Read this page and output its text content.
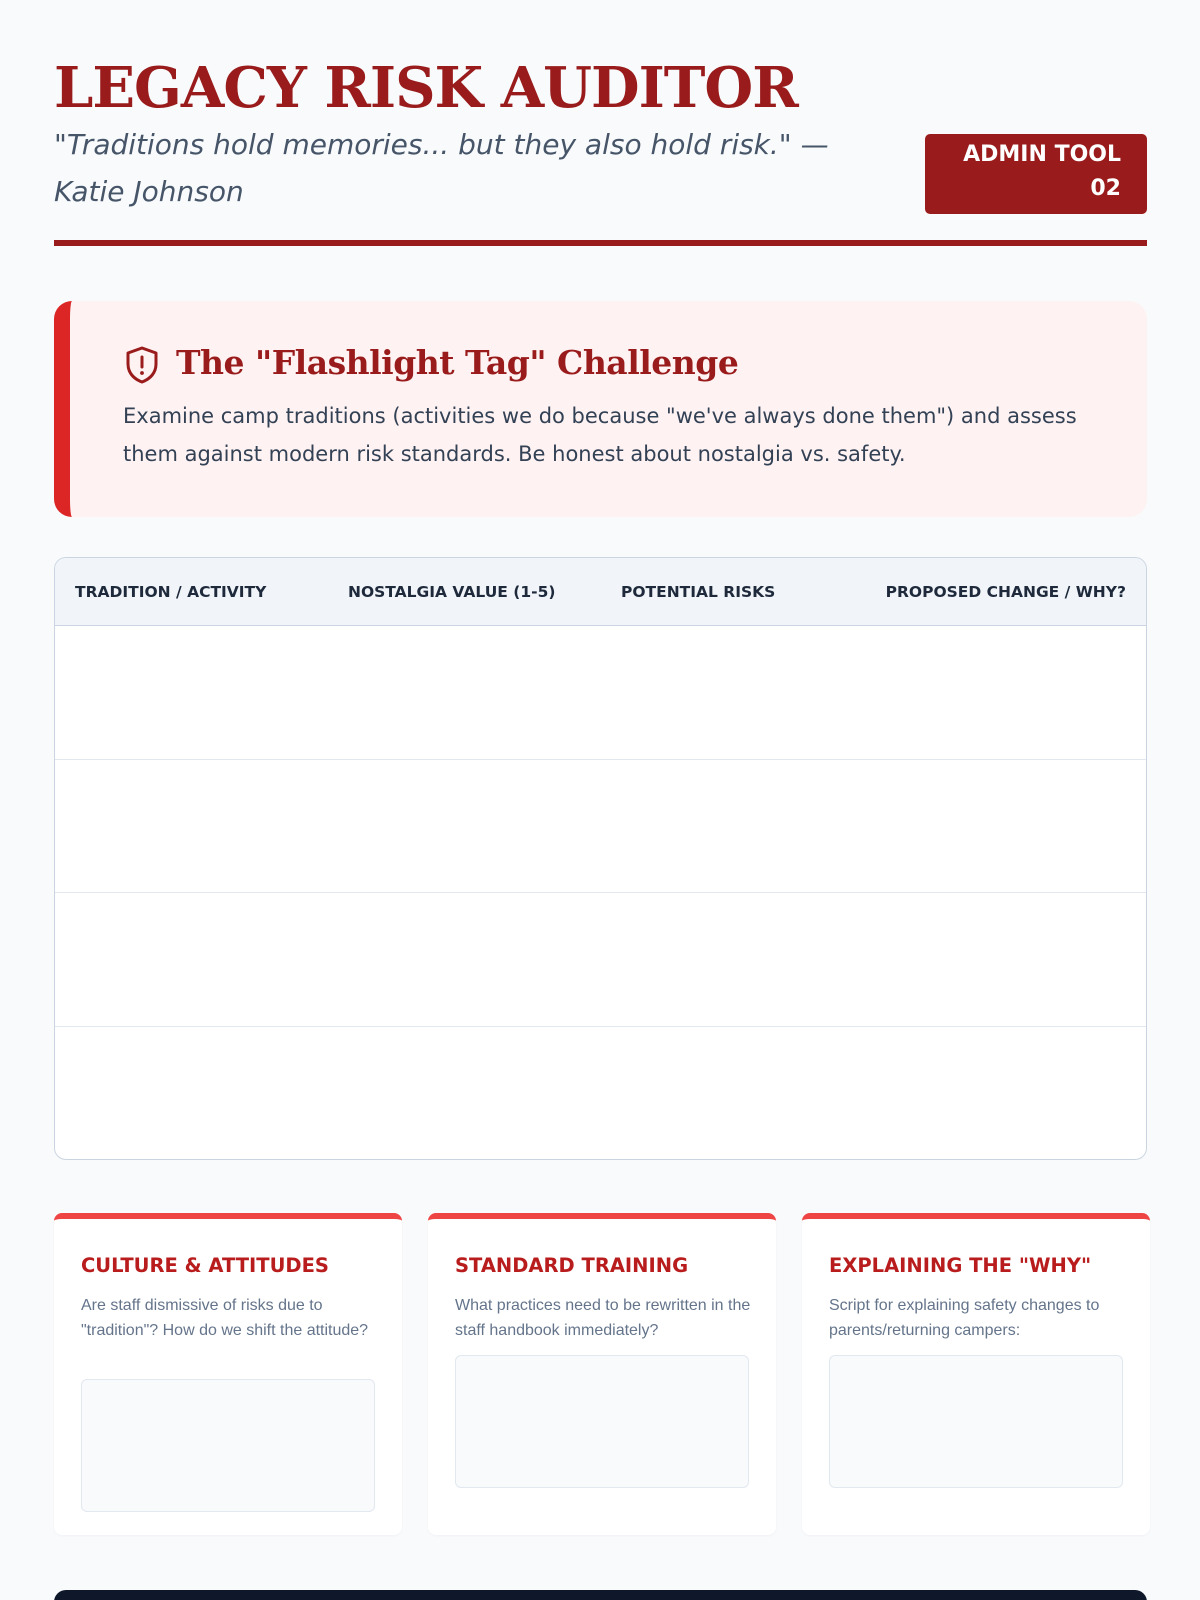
LEGACY RISK AUDITOR

"Traditions hold memories... but they also hold risk." — Katie Johnson

ADMIN TOOL 02
The "Flashlight Tag" Challenge

Examine camp traditions (activities we do because "we've always done them") and assess them against modern risk standards. Be honest about nostalgia vs. safety.

TRADITION / ACTIVITY	NOSTALGIA VALUE (1-5)	POTENTIAL RISKS	PROPOSED CHANGE / WHY?
CULTURE & ATTITUDES

Are staff dismissive of risks due to "tradition"? How do we shift the attitude?

STANDARD TRAINING

What practices need to be rewritten in the staff handbook immediately?

EXPLAINING THE "WHY"

Script for explaining safety changes to parents/returning campers:
